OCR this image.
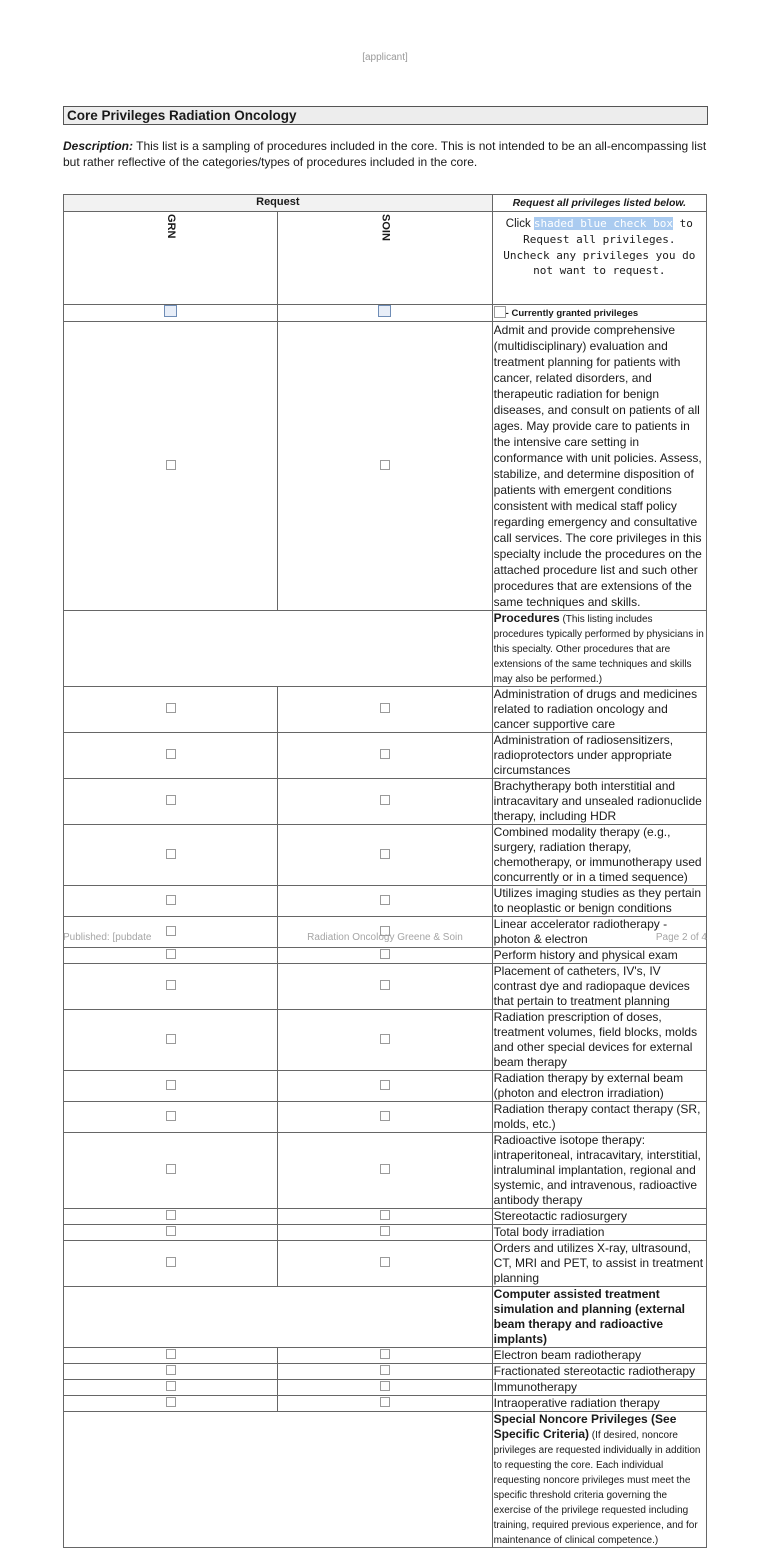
[applicant]
Core Privileges Radiation Oncology
Description: This list is a sampling of procedures included in the core. This is not intended to be an all-encompassing list but rather reflective of the categories/types of procedures included in the core.
Request		Request all privileges listed below.

GRN	SOIN	Click shaded blue check box to Request all privileges.
Uncheck any privileges you do not want to request.

		- Currently granted privileges
		Admit and provide comprehensive (multidisciplinary) evaluation and treatment planning for patients with cancer, related disorders, and therapeutic radiation for benign diseases, and consult on patients of all ages. May provide care to patients in the intensive care setting in conformance with unit policies. Assess, stabilize, and determine disposition of patients with emergent conditions consistent with medical staff policy regarding emergency and consultative call services. The core privileges in this specialty include the procedures on the attached procedure list and such other procedures that are extensions of the same techniques and skills.
		Procedures (This listing includes procedures typically performed by physicians in this specialty. Other procedures that are extensions of the same techniques and skills may also be performed.)
		Administration of drugs and medicines related to radiation oncology and cancer supportive care
		Administration of radiosensitizers, radioprotectors under appropriate circumstances
		Brachytherapy both interstitial and intracavitary and unsealed radionuclide therapy, including HDR
		Combined modality therapy (e.g., surgery, radiation therapy, chemotherapy, or immunotherapy used concurrently or in a timed sequence)
		Utilizes imaging studies as they pertain to neoplastic or benign conditions
		Linear accelerator radiotherapy - photon & electron
		Perform history and physical exam
		Placement of catheters, IV's, IV contrast dye and radiopaque devices that pertain to treatment planning
		Radiation prescription of doses, treatment volumes, field blocks, molds and other special devices for external beam therapy
		Radiation therapy by external beam (photon and electron irradiation)
		Radiation therapy contact therapy (SR, molds, etc.)
		Radioactive isotope therapy: intraperitoneal, intracavitary, interstitial, intraluminal implantation, regional and systemic, and intravenous, radioactive antibody therapy
		Stereotactic radiosurgery
		Total body irradiation
		Orders and utilizes X-ray, ultrasound, CT, MRI and PET, to assist in treatment planning
		Computer assisted treatment simulation and planning (external beam therapy and radioactive implants)
		Electron beam radiotherapy
		Fractionated stereotactic radiotherapy
		Immunotherapy
		Intraoperative radiation therapy
		Special Noncore Privileges (See Specific Criteria) (If desired, noncore privileges are requested individually in addition to requesting the core. Each individual requesting noncore privileges must meet the specific threshold criteria governing the exercise of the privilege requested including training, required previous experience, and for maintenance of clinical competence.)
Published: [pubdate	Radiation Oncology Greene & Soin	Page 2 of 4
